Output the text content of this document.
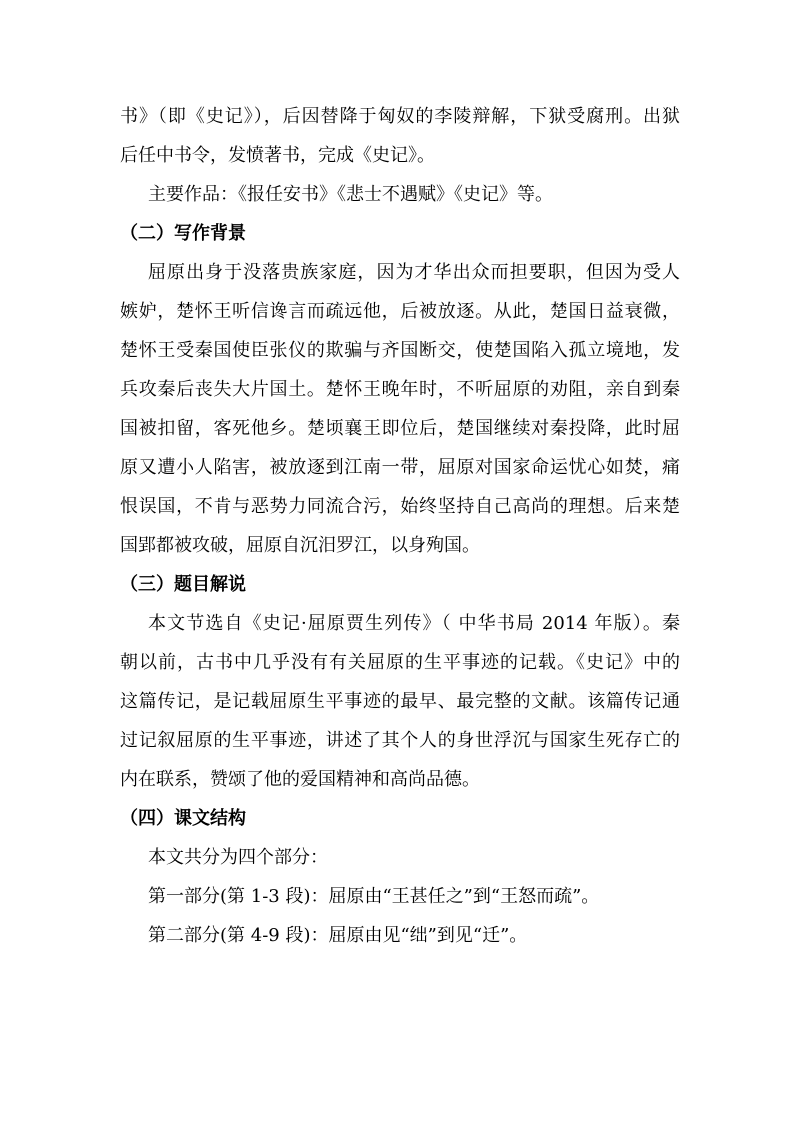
书》（即《史记》），后因替降于匈奴的李陵辩解，下狱受腐刑。出狱
后任中书令，发愤著书，完成《史记》。
主要作品：《报任安书》《悲士不遇赋》《史记》等。
（二）写作背景
屈原出身于没落贵族家庭，因为才华出众而担要职，但因为受人
嫉妒，楚怀王听信谗言而疏远他，后被放逐。从此，楚国日益衰微，
楚怀王受秦国使臣张仪的欺骗与齐国断交，使楚国陷入孤立境地，发
兵攻秦后丧失大片国土。楚怀王晚年时，不听屈原的劝阻，亲自到秦
国被扣留，客死他乡。楚顷襄王即位后，楚国继续对秦投降，此时屈
原又遭小人陷害，被放逐到江南一带，屈原对国家命运忧心如焚，痛
恨误国，不肯与恶势力同流合污，始终坚持自己高尚的理想。后来楚
国郢都被攻破，屈原自沉汨罗江，以身殉国。
（三）题目解说
本文节选自《史记·屈原贾生列传》（ 中华书局 2014 年版）。秦
朝以前，古书中几乎没有有关屈原的生平事迹的记载。《史记》中的
这篇传记，是记载屈原生平事迹的最早、最完整的文献。该篇传记通
过记叙屈原的生平事迹，讲述了其个人的身世浮沉与国家生死存亡的
内在联系，赞颂了他的爱国精神和高尚品德。
（四）课文结构
本文共分为四个部分：
第一部分(第 1-3 段)：屈原由“王甚任之”到“王怒而疏”。
第二部分(第 4-9 段)：屈原由见“绌”到见“迁”。
